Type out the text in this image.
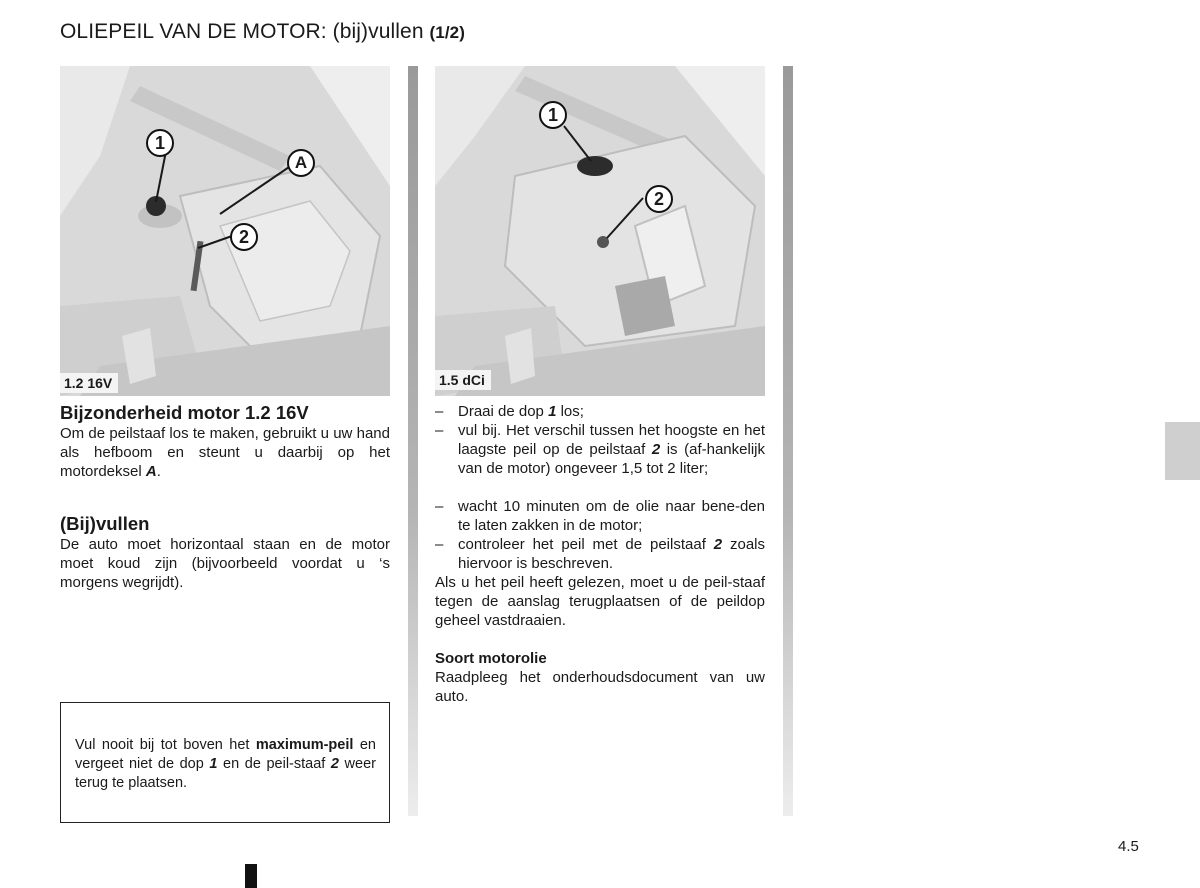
OLIEPEIL VAN DE MOTOR: (bij)vullen (1/2)
1
A
2
1.2 16V
1
2
1.5 dCi
Bijzonderheid motor 1.2 16V
Om de peilstaaf los te maken, gebruikt u uw hand als hefboom en steunt u daarbij op het motordeksel A.
(Bij)vullen
De auto moet horizontaal staan en de motor moet koud zijn (bijvoorbeeld voordat u ‘s morgens wegrijdt).
Vul nooit bij tot boven het maximum-peil en vergeet niet de dop 1 en de peil-staaf 2 weer terug te plaatsen.
– Draai de dop 1 los;
– vul bij. Het verschil tussen het hoogste en het laagste peil op de peilstaaf 2 is (af-hankelijk van de motor) ongeveer 1,5 tot 2 liter;
– wacht 10 minuten om de olie naar bene-den te laten zakken in de motor;
– controleer het peil met de peilstaaf 2 zoals hiervoor is beschreven.
Als u het peil heeft gelezen, moet u de peil-staaf tegen de aanslag terugplaatsen of de peildop geheel vastdraaien.
Soort motorolie
Raadpleeg het onderhoudsdocument van uw auto.
4.5
